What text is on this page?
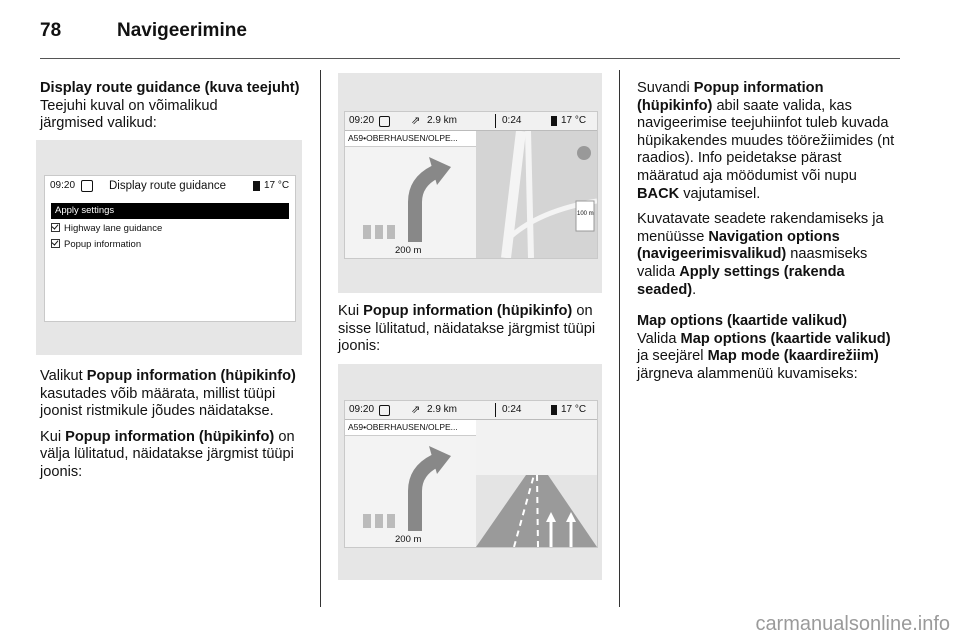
78	Navigeerimine
Display route guidance (kuva teejuht)
Teejuhi kuval on võimalikud järgmised valikud:
09:20	Display route guidance	17 °C
Apply settings
Highway lane guidance
Popup information

Valikut Popup information (hüpikinfo) kasutades võib määrata, millist tüüpi joonist ristmikule jõudes näidatakse.

Kui Popup information (hüpikinfo) on välja lülitatud, näidatakse järgmist tüüpi joonis:

09:20	⇗ 2.9 km	0:24	17 °C
A59•OBERHAUSEN/OLPE...
200 m
100 m

Kui Popup information (hüpikinfo) on sisse lülitatud, näidatakse järgmist tüüpi joonis:

09:20	⇗ 2.9 km	0:24	17 °C
A59•OBERHAUSEN/OLPE...
200 m

Suvandi Popup information (hüpikinfo) abil saate valida, kas navigeerimise teejuhiinfot tuleb kuvada hüpikakendes muudes töörežiimides (nt raadios). Info peidetakse pärast määratud aja möödumist või nupu BACK vajutamisel.

Kuvatavate seadete rakendamiseks ja menüüsse Navigation options (navigeerimisvalikud) naasmiseks valida Apply settings (rakenda seaded).

Map options (kaartide valikud)

Valida Map options (kaartide valikud) ja seejärel Map mode (kaardirežiim) järgneva alammenüü kuvamiseks:

carmanualsonline.info
